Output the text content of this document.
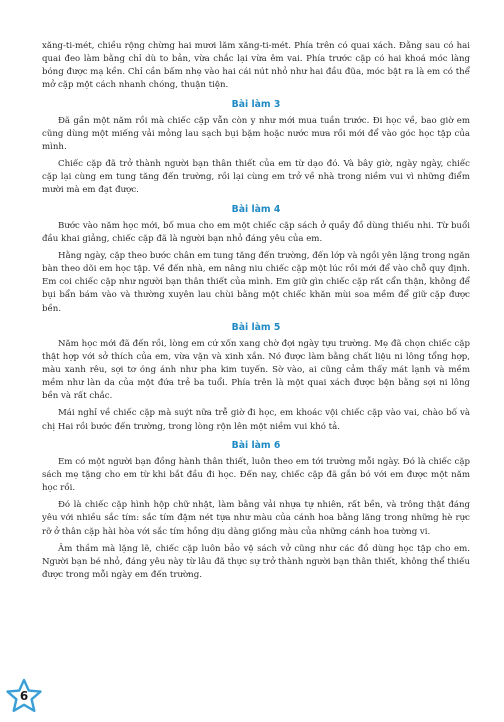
xăng-ti-mét, chiều rộng chừng hai mươi lăm xăng-ti-mét. Phía trên có quai xách. Đằng sau có hai quai đeo làm bằng chỉ dù to bản, vừa chắc lại vừa êm vai. Phía trước cặp có hai khoá móc làng bóng được mạ kền. Chỉ cần bấm nhẹ vào hai cái nút nhỏ như hai đầu đũa, móc bật ra là em có thể mở cặp một cách nhanh chóng, thuận tiện.

Bài làm 3

Đã gần một năm rồi mà chiếc cặp vẫn còn y như mới mua tuần trước. Đi học về, bao giờ em cũng dùng một miếng vải mỏng lau sạch bụi bặm hoặc nước mưa rồi mới để vào góc học tập của mình.

Chiếc cặp đã trở thành người bạn thân thiết của em từ dạo đó. Và bây giờ, ngày ngày, chiếc cặp lại cùng em tung tăng đến trường, rồi lại cùng em trở về nhà trong niềm vui vì những điểm mười mà em đạt được.

Bài làm 4

Bước vào năm học mới, bố mua cho em một chiếc cặp sách ở quầy đồ dùng thiếu nhi. Từ buổi đầu khai giảng, chiếc cặp đã là người bạn nhỏ đáng yêu của em.

Hằng ngày, cặp theo bước chân em tung tăng đến trường, đến lớp và ngồi yên lặng trong ngăn bàn theo dõi em học tập. Về đến nhà, em nâng niu chiếc cặp một lúc rồi mới để vào chỗ quy định. Em coi chiếc cặp như người bạn thân thiết của mình. Em giữ gìn chiếc cặp rất cẩn thận, không để bụi bẩn bám vào và thường xuyên lau chùi bằng một chiếc khăn mùi soa mềm để giữ cặp được bền.

Bài làm 5

Năm học mới đã đến rồi, lòng em cứ xốn xang chờ đợi ngày tựu trường. Mẹ đã chọn chiếc cặp thật hợp với sở thích của em, vừa vặn và xinh xắn. Nó được làm bằng chất liệu ni lông tổng hợp, màu xanh rêu, sợi tơ óng ánh như pha kim tuyến. Sờ vào, ai cũng cảm thấy mát lạnh và mềm mềm như làn da của một đứa trẻ ba tuổi. Phía trên là một quai xách được bện bằng sợi ni lông bền và rất chắc.

Mái nghỉ về chiếc cặp mà suýt nữa trễ giờ đi học, em khoác vội chiếc cặp vào vai, chào bố và chị Hai rồi bước đến trường, trong lòng rộn lên một niềm vui khó tả.

Bài làm 6

Em có một người bạn đồng hành thân thiết, luôn theo em tới trường mỗi ngày. Đó là chiếc cặp sách mẹ tặng cho em từ khi bắt đầu đi học. Đến nay, chiếc cặp đã gắn bó với em được một năm học rồi.

Đó là chiếc cặp hình hộp chữ nhật, làm bằng vải nhựa tự nhiên, rất bền, và trông thật đáng yêu với nhiều sắc tím: sắc tím đậm nét tựa như màu của cánh hoa bằng lăng trong những hè rực rỡ ở thân cặp hài hòa với sắc tím hồng dịu dàng giống màu của những cánh hoa tường vi.

Âm thầm mà lặng lẽ, chiếc cặp luôn bảo vệ sách vở cũng như các đồ dùng học tập cho em. Người bạn bé nhỏ, đáng yêu này từ lâu đã thực sự trở thành người bạn thân thiết, không thể thiếu được trong mỗi ngày em đến trường.

6
